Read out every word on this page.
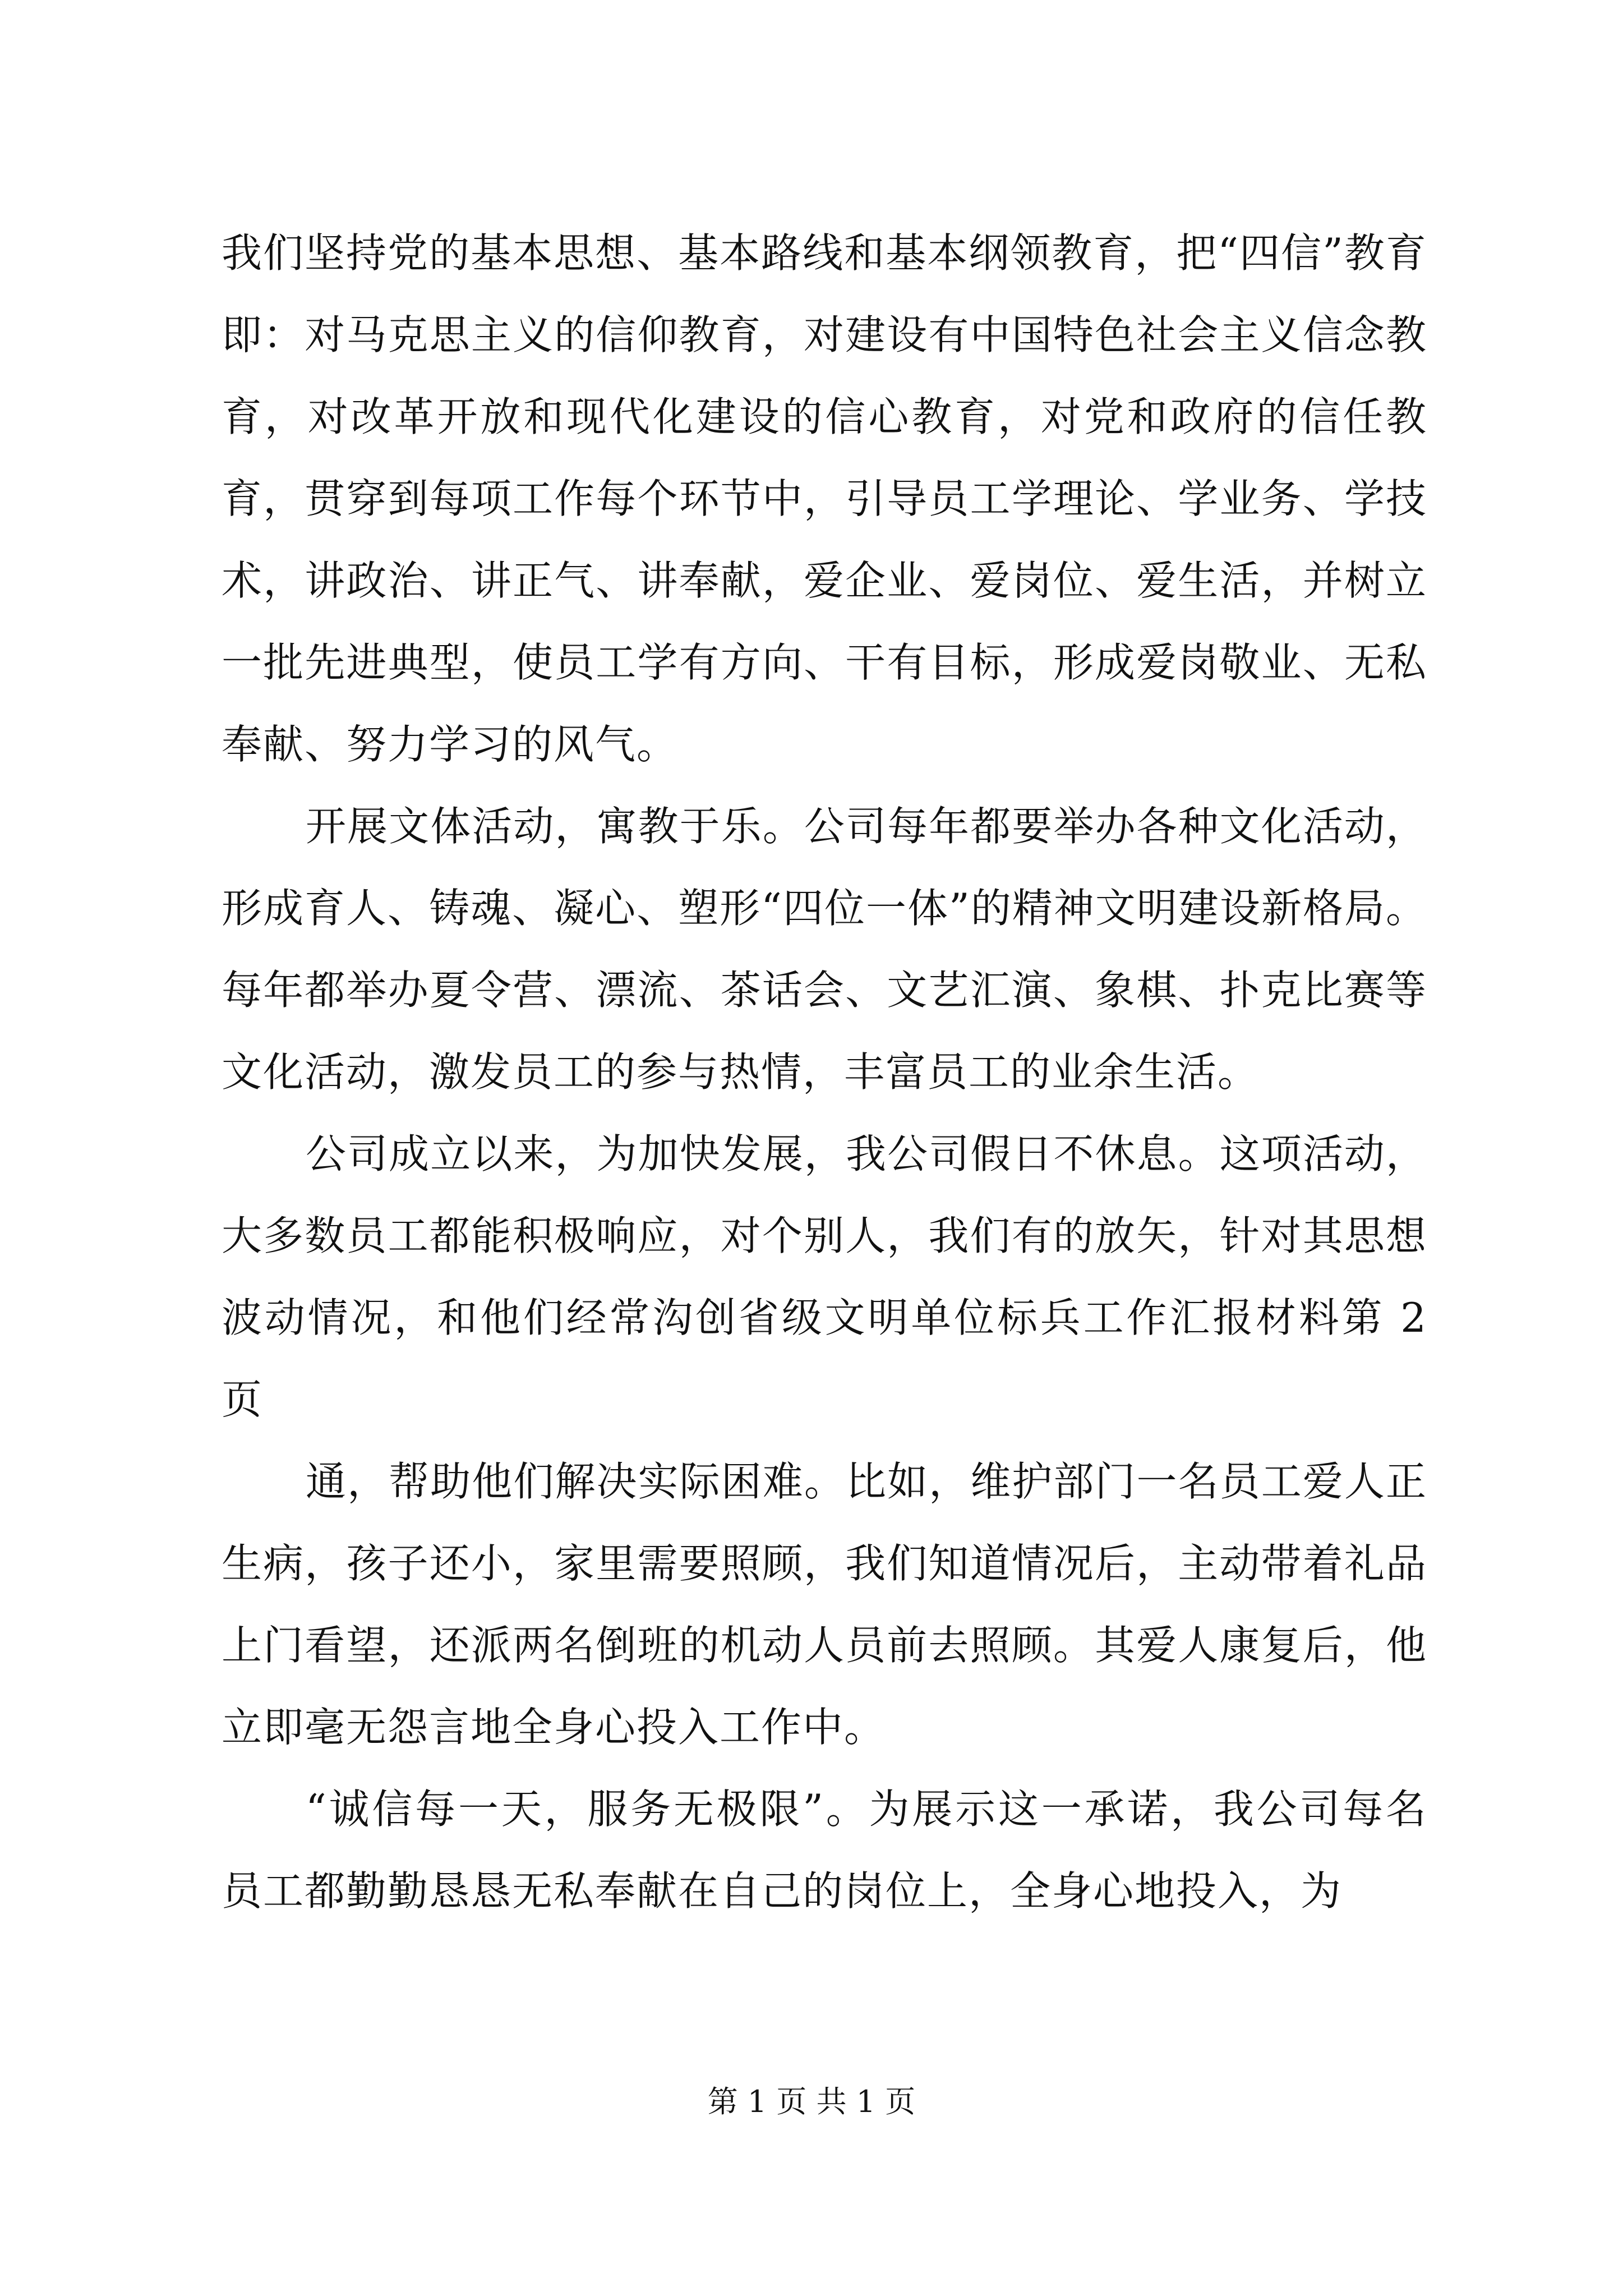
我们坚持党的基本思想、基本路线和基本纲领教育，把“四信”教育即：对马克思主义的信仰教育，对建设有中国特色社会主义信念教育，对改革开放和现代化建设的信心教育，对党和政府的信任教育，贯穿到每项工作每个环节中，引导员工学理论、学业务、学技术，讲政治、讲正气、讲奉献，爱企业、爱岗位、爱生活，并树立一批先进典型，使员工学有方向、干有目标，形成爱岗敬业、无私奉献、努力学习的风气。

开展文体活动，寓教于乐。公司每年都要举办各种文化活动，形成育人、铸魂、凝心、塑形“四位一体”的精神文明建设新格局。每年都举办夏令营、漂流、茶话会、文艺汇演、象棋、扑克比赛等文化活动，激发员工的参与热情，丰富员工的业余生活。

公司成立以来，为加快发展，我公司假日不休息。这项活动，大多数员工都能积极响应，对个别人，我们有的放矢，针对其思想波动情况，和他们经常沟创省级文明单位标兵工作汇报材料第 2 页

通，帮助他们解决实际困难。比如，维护部门一名员工爱人正生病，孩子还小，家里需要照顾，我们知道情况后，主动带着礼品上门看望，还派两名倒班的机动人员前去照顾。其爱人康复后，他立即毫无怨言地全身心投入工作中。

“诚信每一天，服务无极限”。为展示这一承诺，我公司每名员工都勤勤恳恳无私奉献在自己的岗位上，全身心地投入，为

第 1 页 共 1 页
